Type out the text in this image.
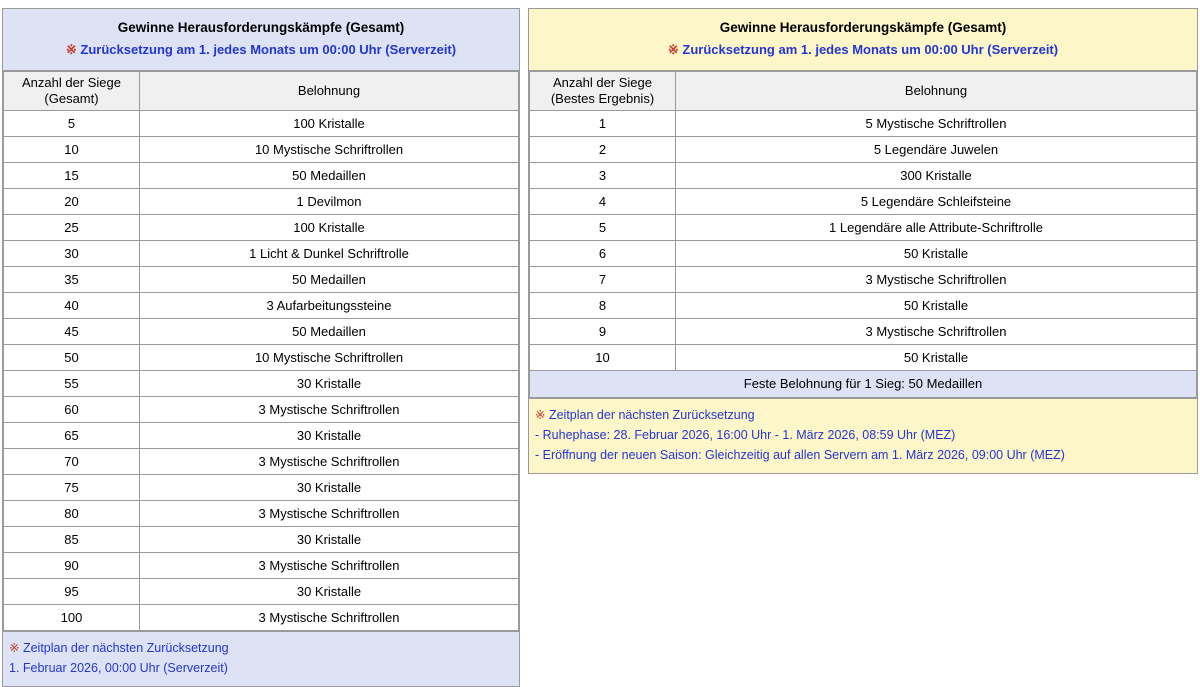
Gewinne Herausforderungskämpfe (Gesamt)
※ Zurücksetzung am 1. jedes Monats um 00:00 Uhr (Serverzeit)
Anzahl der Siege
(Gesamt)	Belohnung
5	100 Kristalle
10	10 Mystische Schriftrollen
15	50 Medaillen
20	1 Devilmon
25	100 Kristalle
30	1 Licht & Dunkel Schriftrolle
35	50 Medaillen
40	3 Aufarbeitungssteine
45	50 Medaillen
50	10 Mystische Schriftrollen
55	30 Kristalle
60	3 Mystische Schriftrollen
65	30 Kristalle
70	3 Mystische Schriftrollen
75	30 Kristalle
80	3 Mystische Schriftrollen
85	30 Kristalle
90	3 Mystische Schriftrollen
95	30 Kristalle
100	3 Mystische Schriftrollen
※ Zeitplan der nächsten Zurücksetzung
1. Februar 2026, 00:00 Uhr (Serverzeit)
Gewinne Herausforderungskämpfe (Gesamt)
※ Zurücksetzung am 1. jedes Monats um 00:00 Uhr (Serverzeit)
Anzahl der Siege
(Bestes Ergebnis)	Belohnung
1	5 Mystische Schriftrollen
2	5 Legendäre Juwelen
3	300 Kristalle
4	5 Legendäre Schleifsteine
5	1 Legendäre alle Attribute-Schriftrolle
6	50 Kristalle
7	3 Mystische Schriftrollen
8	50 Kristalle
9	3 Mystische Schriftrollen
10	50 Kristalle
Feste Belohnung für 1 Sieg: 50 Medaillen	
※ Zeitplan der nächsten Zurücksetzung
- Ruhephase: 28. Februar 2026, 16:00 Uhr - 1. März 2026, 08:59 Uhr (MEZ)
- Eröffnung der neuen Saison: Gleichzeitig auf allen Servern am 1. März 2026, 09:00 Uhr (MEZ)
